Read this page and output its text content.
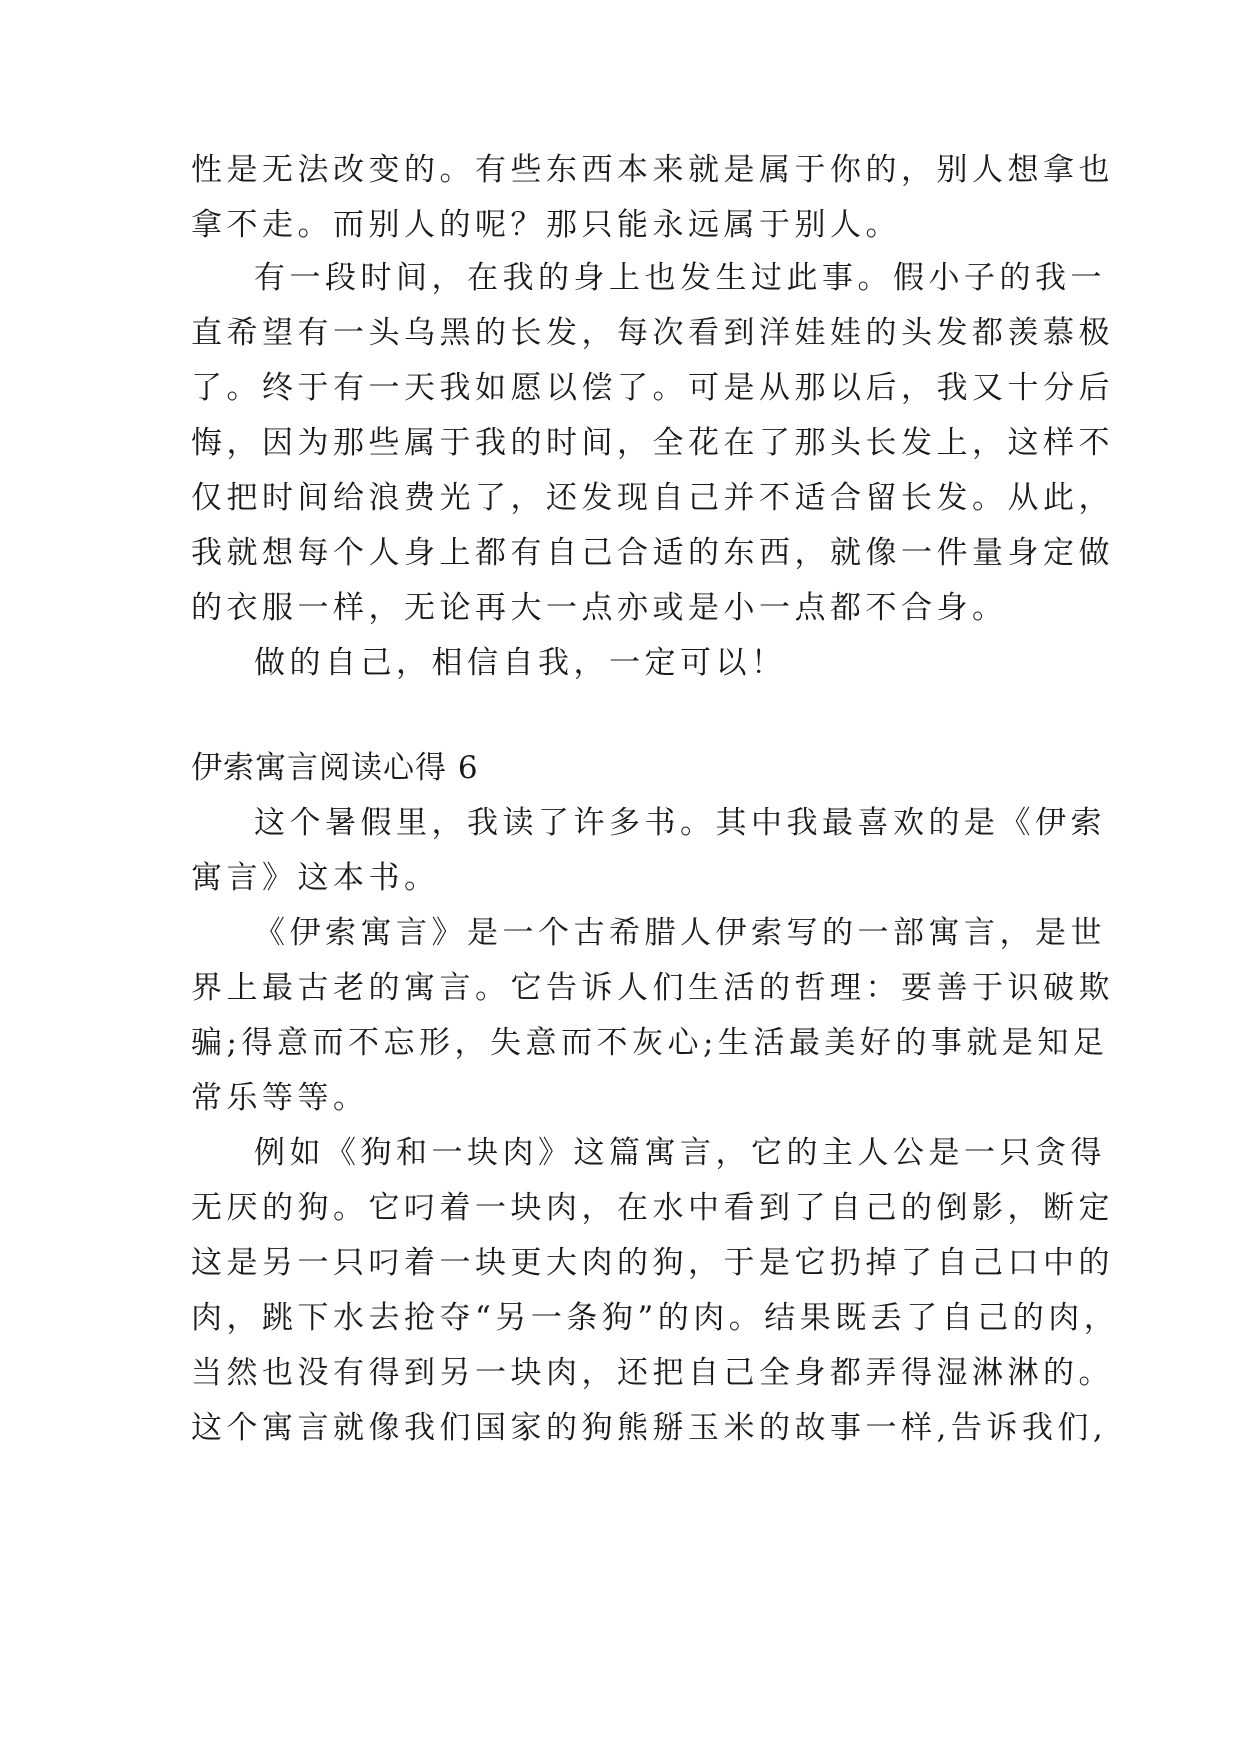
性是无法改变的。有些东西本来就是属于你的，别人想拿也
拿不走。而别人的呢？那只能永远属于别人。
有一段时间，在我的身上也发生过此事。假小子的我一
直希望有一头乌黑的长发，每次看到洋娃娃的头发都羡慕极
了。终于有一天我如愿以偿了。可是从那以后，我又十分后
悔，因为那些属于我的时间，全花在了那头长发上，这样不
仅把时间给浪费光了，还发现自己并不适合留长发。从此，
我就想每个人身上都有自己合适的东西，就像一件量身定做
的衣服一样，无论再大一点亦或是小一点都不合身。
做的自己，相信自我，一定可以！
伊索寓言阅读心得 6
这个暑假里，我读了许多书。其中我最喜欢的是《伊索
寓言》这本书。
《伊索寓言》是一个古希腊人伊索写的一部寓言，是世
界上最古老的寓言。它告诉人们生活的哲理：要善于识破欺
骗;得意而不忘形，失意而不灰心;生活最美好的事就是知足
常乐等等。
例如《狗和一块肉》这篇寓言，它的主人公是一只贪得
无厌的狗。它叼着一块肉，在水中看到了自己的倒影，断定
这是另一只叼着一块更大肉的狗，于是它扔掉了自己口中的
肉，跳下水去抢夺“另一条狗”的肉。结果既丢了自己的肉，
当然也没有得到另一块肉，还把自己全身都弄得湿淋淋的。
这个寓言就像我们国家的狗熊掰玉米的故事一样,告诉我们,
